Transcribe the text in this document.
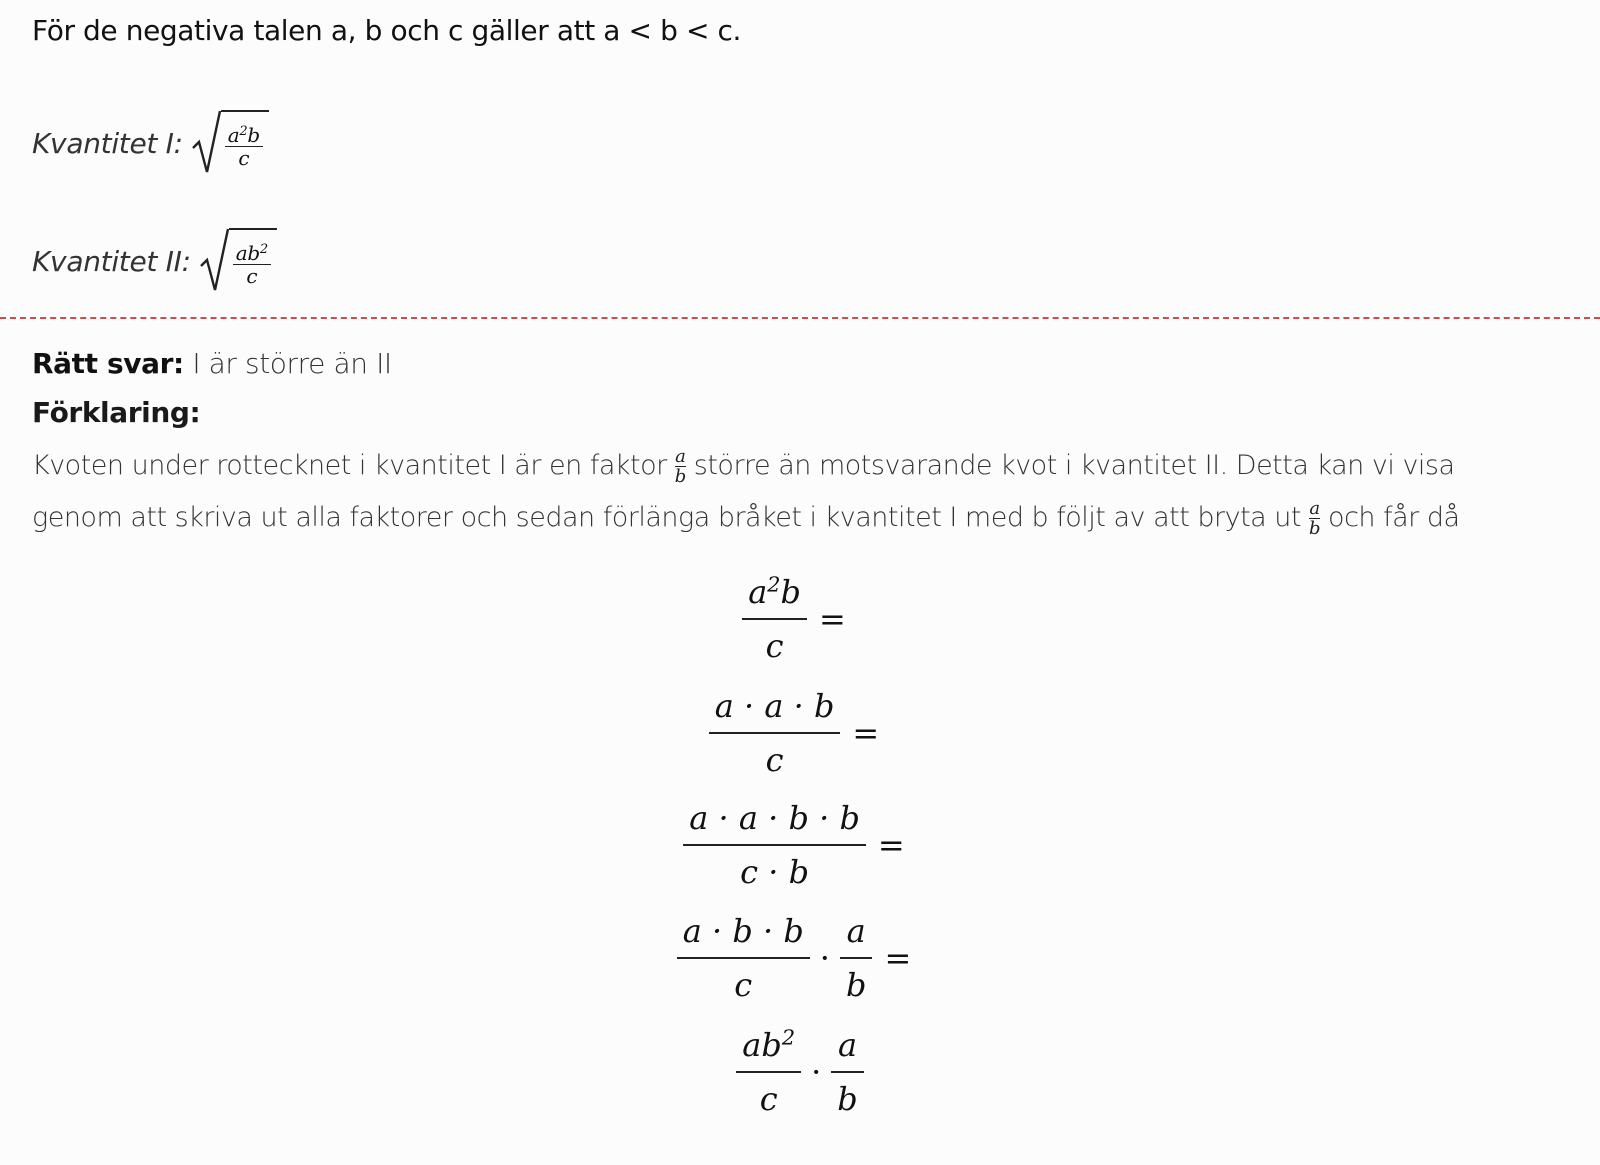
För de negativa talen a, b och c gäller att a < b < c.
Kvantitet I: $\frac{a^2b}{c}$
Kvantitet II: $\frac{ab^2}{c}$
Rätt svar: I är större än II
Förklaring:
Kvoten under rottecknet i kvantitet I är en faktor $\frac{a}{b}$ större än motsvarande kvot i kvantitet II. Detta kan vi visa genom att skriva ut alla faktorer och sedan förlänga bråket i kvantitet I med b följt av att bryta ut $\frac{a}{b}$ och får då
$\frac{a^2b}{c}$ =
$\frac{a \cdot a \cdot b}{c}$ =
$\frac{a \cdot a \cdot b \cdot b}{c \cdot b}$ =
$\frac{a \cdot b \cdot b}{c} \cdot \frac{a}{b}$ =
$\frac{ab^2}{c} \cdot \frac{a}{b}$
